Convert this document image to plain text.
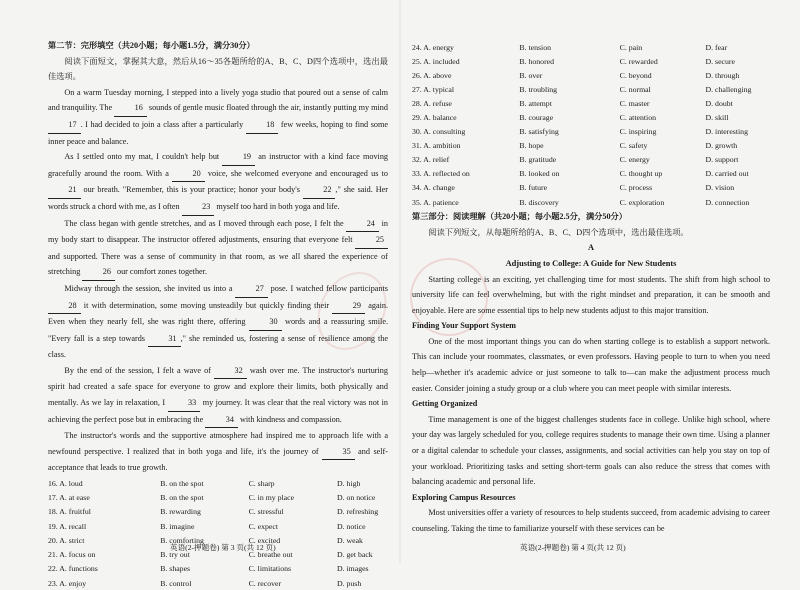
第二节：完形填空（共20小题；每小题1.5分，满分30分）

阅读下面短文，掌握其大意，然后从16～35各题所给的A、B、C、D四个选项中，选出最佳选项。

On a warm Tuesday morning, I stepped into a lively yoga studio that poured out a sense of calm and tranquility. The 16 sounds of gentle music floated through the air, instantly putting my mind 17 . I had decided to join a class after a particularly 18 few weeks, hoping to find some inner peace and balance.

As I settled onto my mat, I couldn't help but 19 an instructor with a kind face moving gracefully around the room. With a 20 voice, she welcomed everyone and encouraged us to 21 our breath. "Remember, this is your practice; honor your body's 22 ," she said. Her words struck a chord with me, as I often 23 myself too hard in both yoga and life.

The class began with gentle stretches, and as I moved through each pose, I felt the 24 in my body start to disappear. The instructor offered adjustments, ensuring that everyone felt 25 and supported. There was a sense of community in that room, as we all shared the experience of stretching 26 our comfort zones together.

Midway through the session, she invited us into a 27 pose. I watched fellow participants 28 it with determination, some moving unsteadily but quickly finding their 29 again. Even when they nearly fell, she was right there, offering 30 words and a reassuring smile. "Every fall is a step towards 31 ," she reminded us, fostering a sense of resilience among the class.

By the end of the session, I felt a wave of 32 wash over me. The instructor's nurturing spirit had created a safe space for everyone to grow and explore their limits, both physically and mentally. As we lay in relaxation, I 33 my journey. It was clear that the real victory was not in achieving the perfect pose but in embracing the 34 with kindness and compassion.

The instructor's words and the supportive atmosphere had inspired me to approach life with a newfound perspective. I realized that in both yoga and life, it's the journey of 35 and self-acceptance that leads to true growth.

16. A. loud	B. on the spot	C. sharp	D. high
17. A. at ease	B. on the spot	C. in my place	D. on notice
18. A. fruitful	B. rewarding	C. stressful	D. refreshing
19. A. recall	B. imagine	C. expect	D. notice
20. A. strict	B. comforting	C. excited	D. weak
21. A. focus on	B. try out	C. breathe out	D. get back
22. A. functions	B. shapes	C. limitations	D. images
23. A. enjoy	B. control	C. recover	D. push
英语(2-押题卷) 第 3 页(共 12 页)
24. A. energy	B. tension	C. pain	D. fear
25. A. included	B. honored	C. rewarded	D. secure
26. A. above	B. over	C. beyond	D. through
27. A. typical	B. troubling	C. normal	D. challenging
28. A. refuse	B. attempt	C. master	D. doubt
29. A. balance	B. courage	C. attention	D. skill
30. A. consulting	B. satisfying	C. inspiring	D. interesting
31. A. ambition	B. hope	C. safety	D. growth
32. A. relief	B. gratitude	C. energy	D. support
33. A. reflected on	B. looked on	C. thought up	D. carried out
34. A. change	B. future	C. process	D. vision
35. A. patience	B. discovery	C. exploration	D. connection

第三部分：阅读理解（共20小题；每小题2.5分，满分50分）

阅读下列短文，从每题所给的A、B、C、D四个选项中，选出最佳选项。

A

Adjusting to College: A Guide for New Students

Starting college is an exciting, yet challenging time for most students. The shift from high school to university life can feel overwhelming, but with the right mindset and preparation, it can be smooth and enjoyable. Here are some essential tips to help new students adjust to this major transition.

Finding Your Support System

One of the most important things you can do when starting college is to establish a support network. This can include your roommates, classmates, or even professors. Having people to turn to when you need help—whether it's academic advice or just someone to talk to—can make the adjustment process much easier. Consider joining a study group or a club where you can meet people with similar interests.

Getting Organized

Time management is one of the biggest challenges students face in college. Unlike high school, where your day was largely scheduled for you, college requires students to manage their own time. Using a planner or a digital calendar to schedule your classes, assignments, and social activities can help you stay on top of your workload. Prioritizing tasks and setting short-term goals can also reduce the stress that comes with balancing academic and personal life.

Exploring Campus Resources

Most universities offer a variety of resources to help students succeed, from academic advising to career counseling. Taking the time to familiarize yourself with these services can be

英语(2-押题卷) 第 4 页(共 12 页)
